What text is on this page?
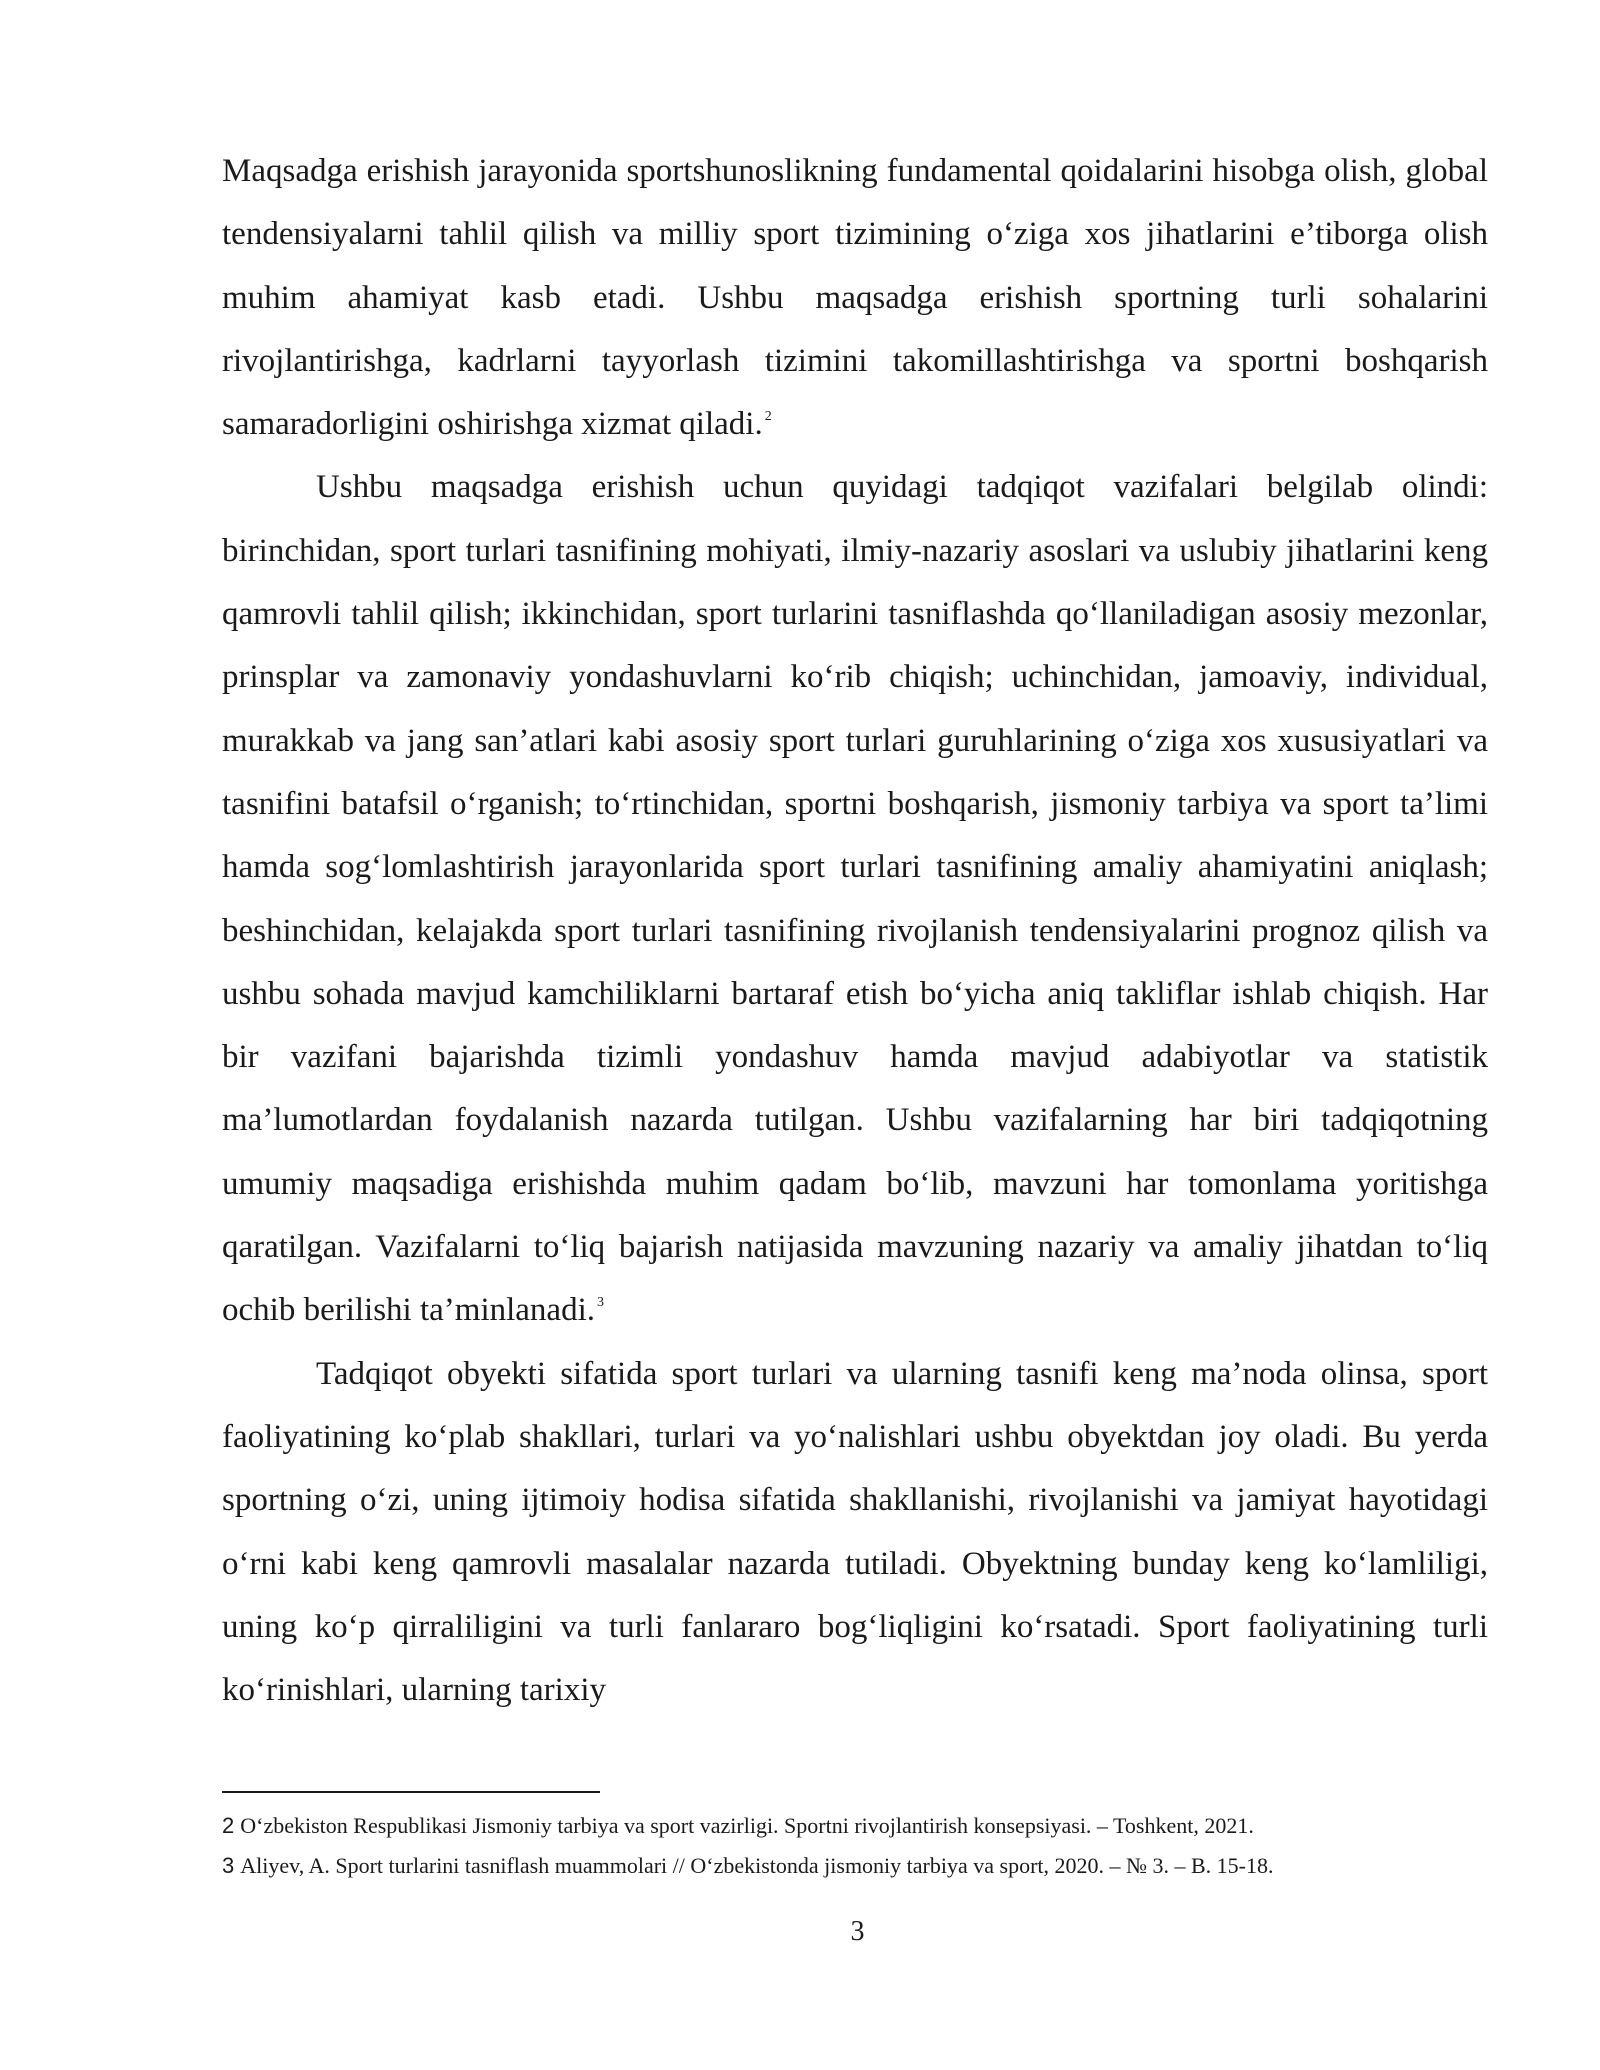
Maqsadga erishish jarayonida sportshunoslikning fundamental qoidalarini hisobga olish, global tendensiyalarni tahlil qilish va milliy sport tizimining o‘ziga xos jihatlarini e’tiborga olish muhim ahamiyat kasb etadi. Ushbu maqsadga erishish sportning turli sohalarini rivojlantirishga, kadrlarni tayyorlash tizimini takomillashtirishga va sportni boshqarish samaradorligini oshirishga xizmat qiladi. $^2$

Ushbu maqsadga erishish uchun quyidagi tadqiqot vazifalari belgilab olindi: birinchidan, sport turlari tasnifining mohiyati, ilmiy-nazariy asoslari va uslubiy jihatlarini keng qamrovli tahlil qilish; ikkinchidan, sport turlarini tasniflashda qo‘llaniladigan asosiy mezonlar, prinsplar va zamonaviy yondashuvlarni ko‘rib chiqish; uchinchidan, jamoaviy, individual, murakkab va jang san’atlari kabi asosiy sport turlari guruhlarining o‘ziga xos xususiyatlari va tasnifini batafsil o‘rganish; to‘rtinchidan, sportni boshqarish, jismoniy tarbiya va sport ta’limi hamda sog‘lomlashtirish jarayonlarida sport turlari tasnifining amaliy ahamiyatini aniqlash; beshinchidan, kelajakda sport turlari tasnifining rivojlanish tendensiyalarini prognoz qilish va ushbu sohada mavjud kamchiliklarni bartaraf etish bo‘yicha aniq takliflar ishlab chiqish. Har bir vazifani bajarishda tizimli yondashuv hamda mavjud adabiyotlar va statistik ma’lumotlardan foydalanish nazarda tutilgan. Ushbu vazifalarning har biri tadqiqotning umumiy maqsadiga erishishda muhim qadam bo‘lib, mavzuni har tomonlama yoritishga qaratilgan. Vazifalarni to‘liq bajarish natijasida mavzuning nazariy va amaliy jihatdan to‘liq ochib berilishi ta’minlanadi. $^3$

Tadqiqot obyekti sifatida sport turlari va ularning tasnifi keng ma’noda olinsa, sport faoliyatining ko‘plab shakllari, turlari va yo‘nalishlari ushbu obyektdan joy oladi. Bu yerda sportning o‘zi, uning ijtimoiy hodisa sifatida shakllanishi, rivojlanishi va jamiyat hayotidagi o‘rni kabi keng qamrovli masalalar nazarda tutiladi. Obyektning bunday keng ko‘lamliligi, uning ko‘p qirraliligini va turli fanlararo bog‘liqligini ko‘rsatadi. Sport faoliyatining turli ko‘rinishlari, ularning tarixiy

2 O‘zbekiston Respublikasi Jismoniy tarbiya va sport vazirligi. Sportni rivojlantirish konsepsiyasi. – Toshkent, 2021.

3 Aliyev, A. Sport turlarini tasniflash muammolari // O‘zbekistonda jismoniy tarbiya va sport, 2020. – № 3. – B. 15-18.

3
